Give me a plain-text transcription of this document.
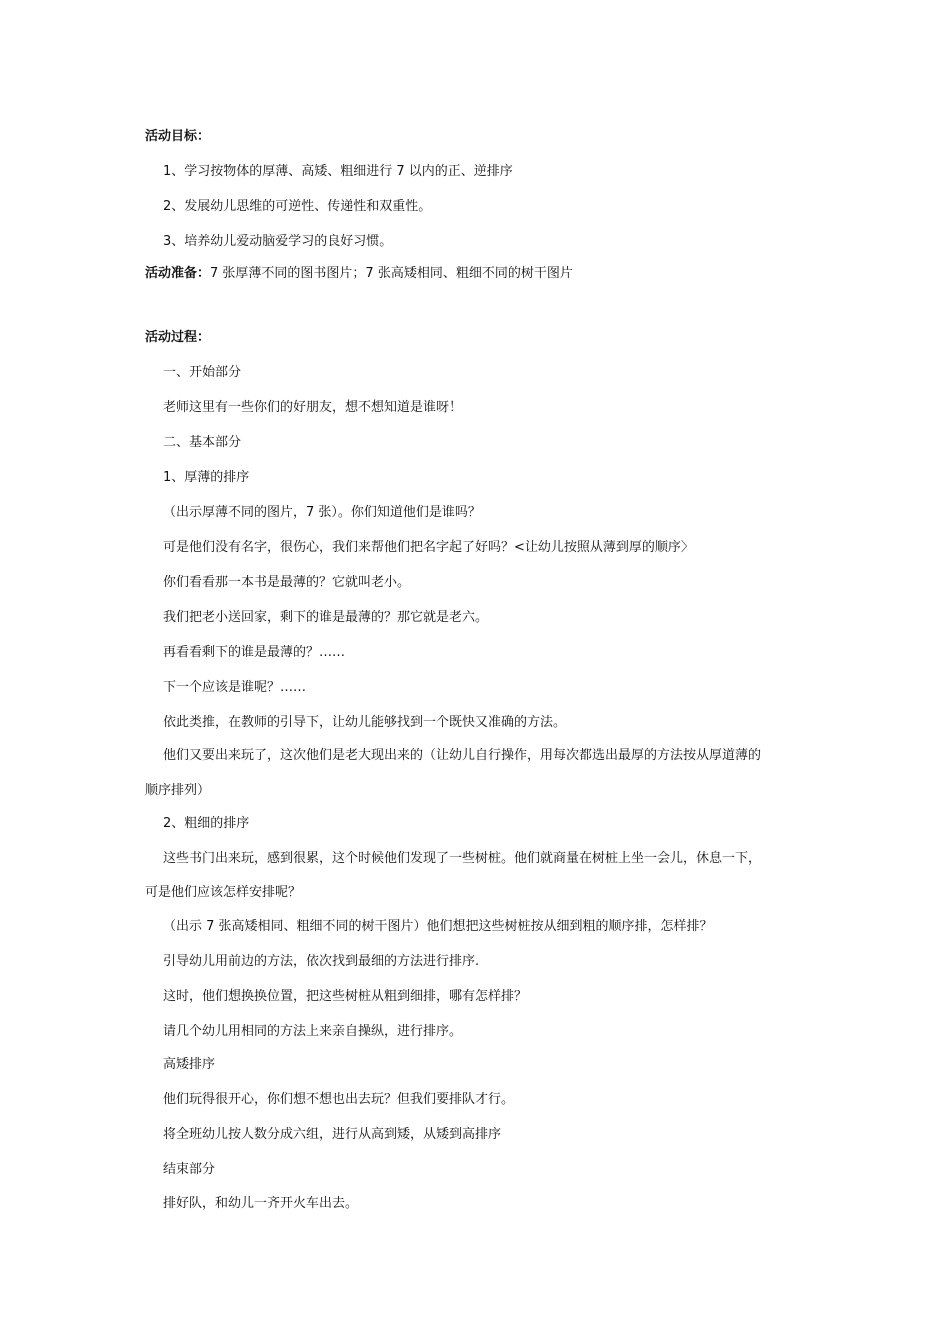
活动目标：
1、学习按物体的厚薄、高矮、粗细进行 7 以内的正、逆排序
2、发展幼儿思维的可逆性、传递性和双重性。
3、培养幼儿爱动脑爱学习的良好习惯。
活动准备：7 张厚薄不同的图书图片；7 张高矮相同、粗细不同的树干图片
活动过程：
一、开始部分
老师这里有一些你们的好朋友，想不想知道是谁呀！
二、基本部分
1、厚薄的排序
（出示厚薄不同的图片，7 张）。你们知道他们是谁吗？
可是他们没有名字，很伤心，我们来帮他们把名字起了好吗？<让幼儿按照从薄到厚的顺序〉
你们看看那一本书是最薄的？它就叫老小。
我们把老小送回家，剩下的谁是最薄的？那它就是老六。
再看看剩下的谁是最薄的？……
下一个应该是谁呢？……
依此类推，在教师的引导下，让幼儿能够找到一个既快又准确的方法。
他们又要出来玩了，这次他们是老大现出来的（让幼儿自行操作，用每次都选出最厚的方法按从厚道薄的
顺序排列）
2、粗细的排序
这些书门出来玩，感到很累，这个时候他们发现了一些树桩。他们就商量在树桩上坐一会儿，休息一下，
可是他们应该怎样安排呢？
（出示 7 张高矮相同、粗细不同的树干图片）他们想把这些树桩按从细到粗的顺序排，怎样排？
引导幼儿用前边的方法，依次找到最细的方法进行排序.
这时，他们想换换位置，把这些树桩从粗到细排，哪有怎样排？
请几个幼儿用相同的方法上来亲自操纵，进行排序。
高矮排序
他们玩得很开心，你们想不想也出去玩？但我们要排队才行。
将全班幼儿按人数分成六组，进行从高到矮，从矮到高排序
结束部分
排好队，和幼儿一齐开火车出去。
